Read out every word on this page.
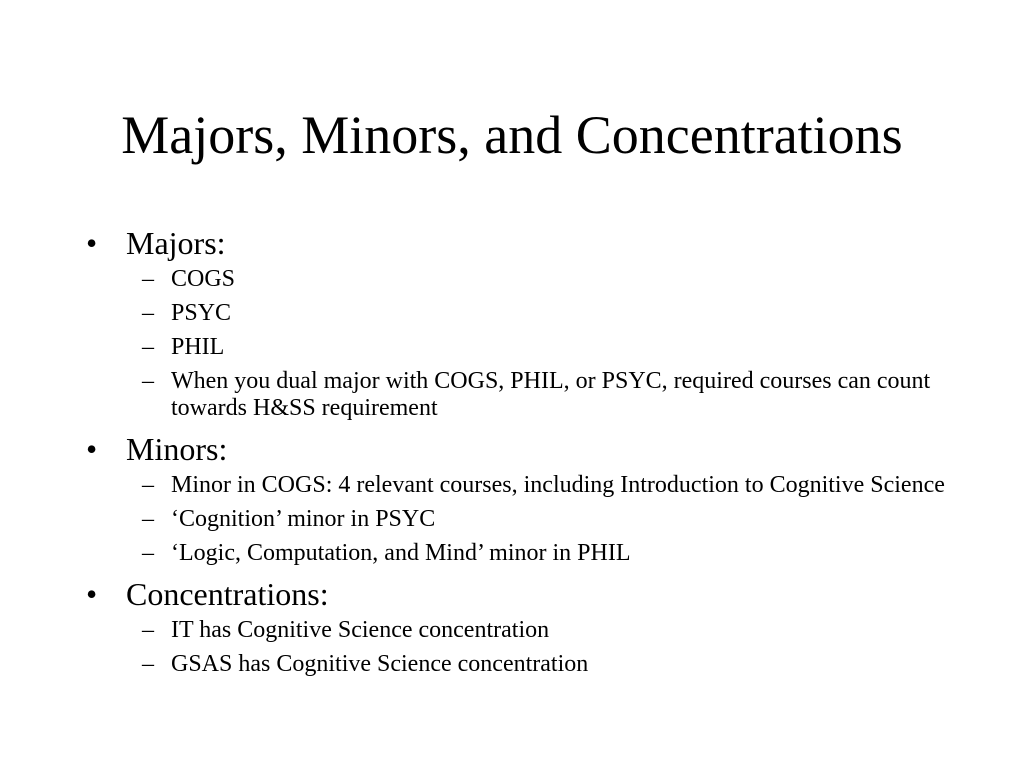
Majors, Minors, and Concentrations
• Majors:
– COGS
– PSYC
– PHIL
– When you dual major with COGS, PHIL, or PSYC, required courses can count towards H&SS requirement
• Minors:
– Minor in COGS: 4 relevant courses, including Introduction to Cognitive Science
– ‘Cognition’ minor in PSYC
– ‘Logic, Computation, and Mind’ minor in PHIL
• Concentrations:
– IT has Cognitive Science concentration
– GSAS has Cognitive Science concentration
